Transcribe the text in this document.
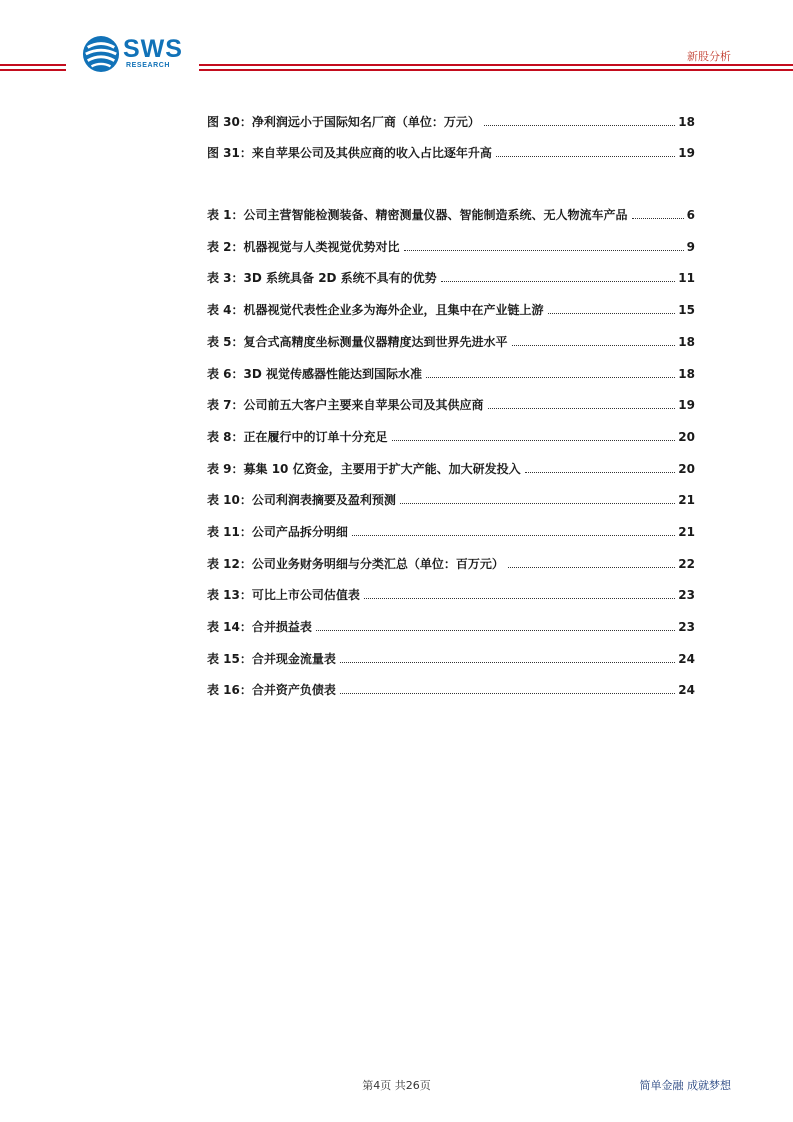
SWS
RESEARCH
新股分析
图 30：净利润远小于国际知名厂商（单位：万元）	18
图 31：来自苹果公司及其供应商的收入占比逐年升高	19
表 1：公司主营智能检测装备、精密测量仪器、智能制造系统、无人物流车产品	6
表 2：机器视觉与人类视觉优势对比	9
表 3：3D 系统具备 2D 系统不具有的优势	11
表 4：机器视觉代表性企业多为海外企业，且集中在产业链上游	15
表 5：复合式高精度坐标测量仪器精度达到世界先进水平	18
表 6：3D 视觉传感器性能达到国际水准	18
表 7：公司前五大客户主要来自苹果公司及其供应商	19
表 8：正在履行中的订单十分充足	20
表 9：募集 10 亿资金，主要用于扩大产能、加大研发投入	20
表 10：公司利润表摘要及盈利预测	21
表 11：公司产品拆分明细	21
表 12：公司业务财务明细与分类汇总（单位：百万元）	22
表 13：可比上市公司估值表	23
表 14：合并损益表	23
表 15：合并现金流量表	24
表 16：合并资产负债表	24
第4页 共26页	简单金融 成就梦想
